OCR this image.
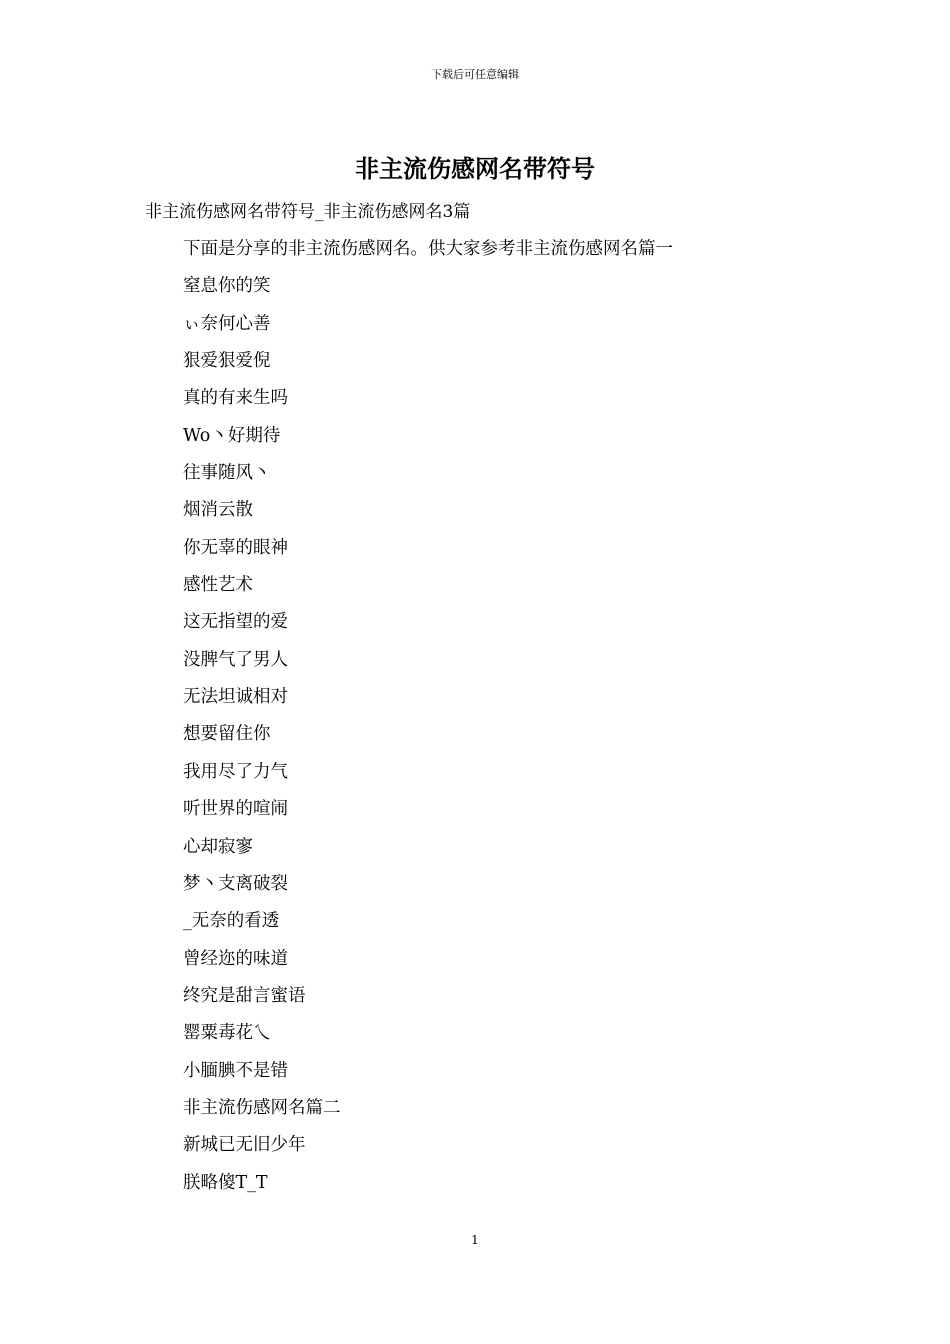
下载后可任意编辑
非主流伤感网名带符号
非主流伤感网名带符号_非主流伤感网名3篇
下面是分享的非主流伤感网名。供大家参考非主流伤感网名篇一
窒息你的笑
ぃ奈何心善
狠爱狠爱倪
真的有来生吗
Wo丶好期待
往事随风丶
烟消云散
你无辜的眼神
感性艺术
这无指望的爱
没脾气了男人
无法坦诚相对
想要留住你
我用尽了力气
听世界的喧闹
心却寂寥
梦丶支离破裂
_无奈的看透
曾经迩的味道
终究是甜言蜜语
罂粟毒花乀
小腼腆不是错
非主流伤感网名篇二
新城已无旧少年
朕略傻T_T
1
